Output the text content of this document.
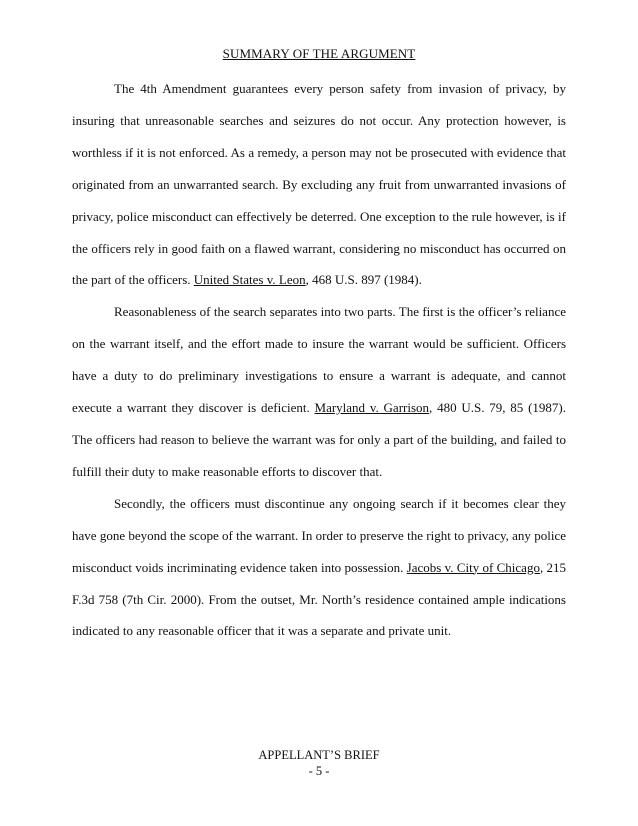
SUMMARY OF THE ARGUMENT

The 4th Amendment guarantees every person safety from invasion of privacy, by insuring that unreasonable searches and seizures do not occur. Any protection however, is worthless if it is not enforced. As a remedy, a person may not be prosecuted with evidence that originated from an unwarranted search. By excluding any fruit from unwarranted invasions of privacy, police misconduct can effectively be deterred. One exception to the rule however, is if the officers rely in good faith on a flawed warrant, considering no misconduct has occurred on the part of the officers. United States v. Leon, 468 U.S. 897 (1984).

Reasonableness of the search separates into two parts. The first is the officer’s reliance on the warrant itself, and the effort made to insure the warrant would be sufficient. Officers have a duty to do preliminary investigations to ensure a warrant is adequate, and cannot execute a warrant they discover is deficient. Maryland v. Garrison, 480 U.S. 79, 85 (1987). The officers had reason to believe the warrant was for only a part of the building, and failed to fulfill their duty to make reasonable efforts to discover that.

Secondly, the officers must discontinue any ongoing search if it becomes clear they have gone beyond the scope of the warrant. In order to preserve the right to privacy, any police misconduct voids incriminating evidence taken into possession. Jacobs v. City of Chicago, 215 F.3d 758 (7th Cir. 2000). From the outset, Mr. North’s residence contained ample indications indicated to any reasonable officer that it was a separate and private unit.

APPELLANT’S BRIEF
- 5 -
